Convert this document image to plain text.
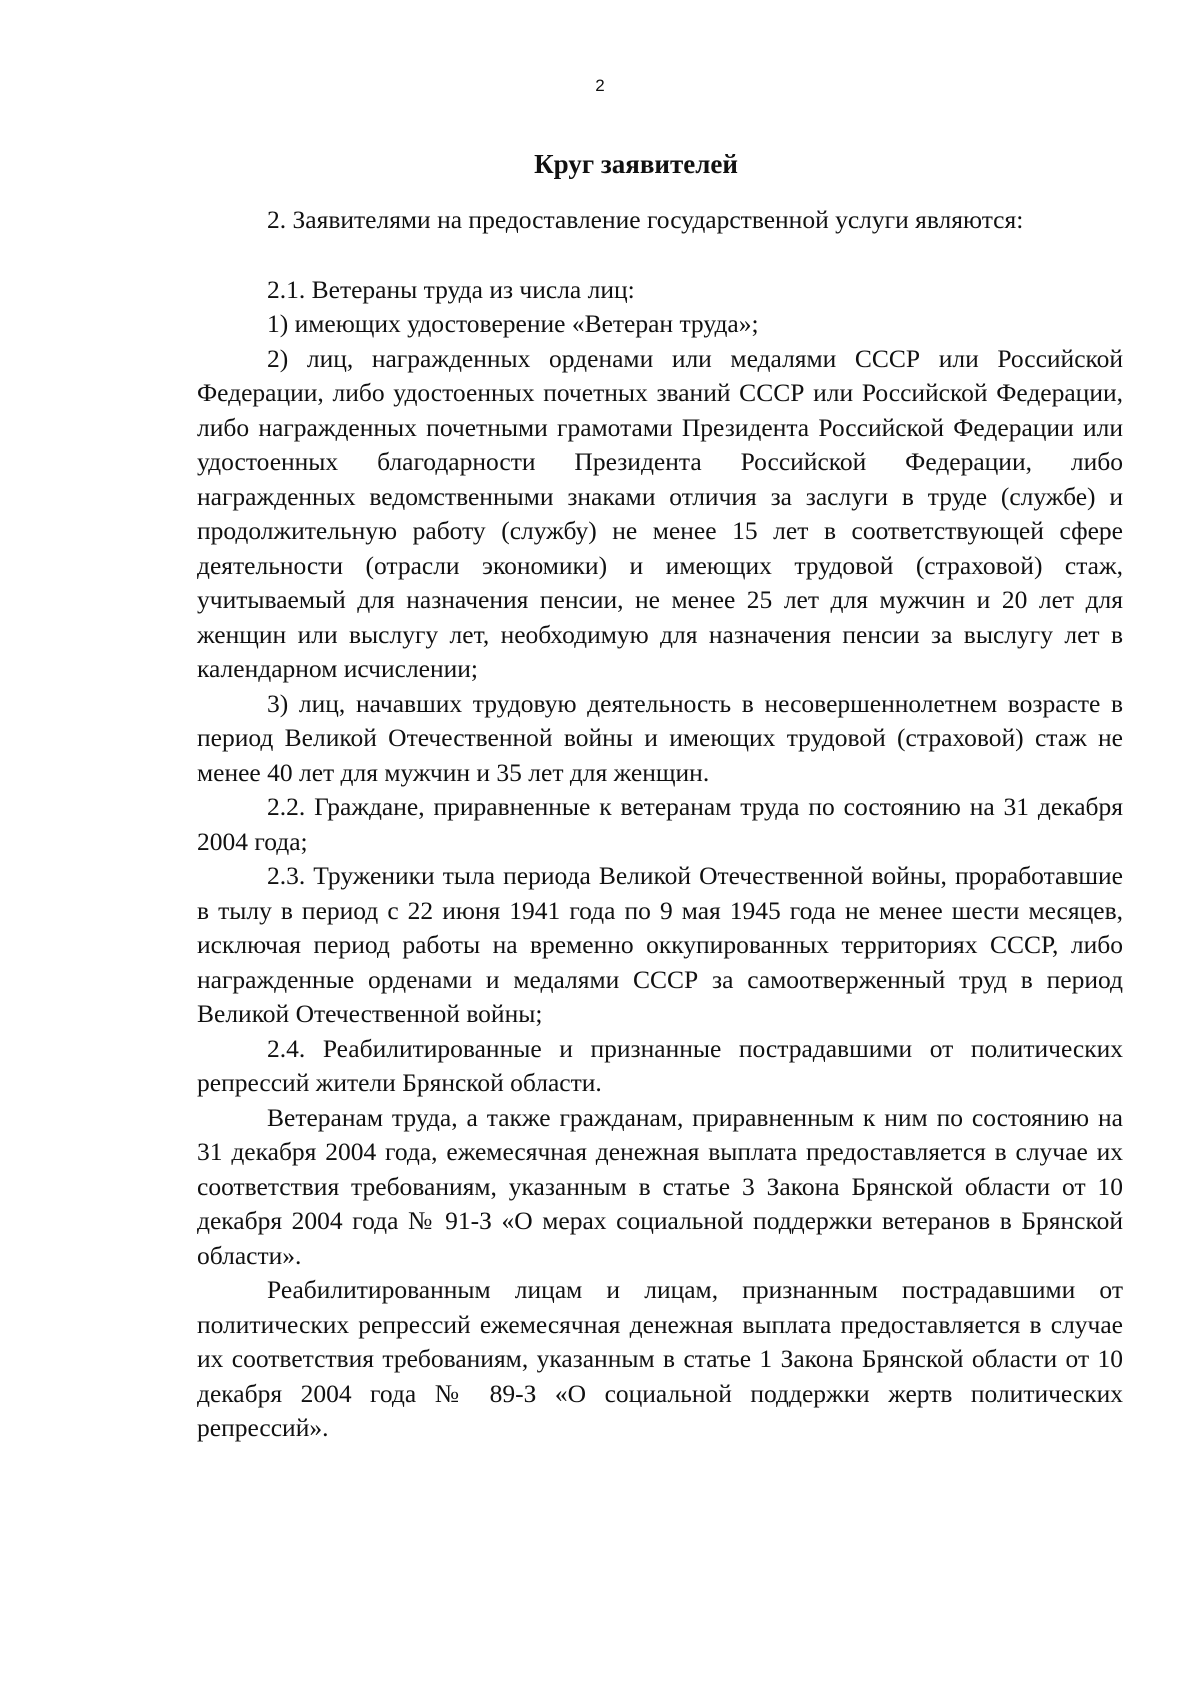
2
Круг заявителей

2. Заявителями на предоставление государственной услуги являются:

2.1. Ветераны труда из числа лиц:

1) имеющих удостоверение «Ветеран труда»;

2) лиц, награжденных орденами или медалями СССР или Российской Федерации, либо удостоенных почетных званий СССР или Российской Федерации, либо награжденных почетными грамотами Президента Российской Федерации или удостоенных благодарности Президента Российской Федерации, либо награжденных ведомственными знаками отличия за заслуги в труде (службе) и продолжительную работу (службу) не менее 15 лет в соответствующей сфере деятельности (отрасли экономики) и имеющих трудовой (страховой) стаж, учитываемый для назначения пенсии, не менее 25 лет для мужчин и 20 лет для женщин или выслугу лет, необходимую для назначения пенсии за выслугу лет в календарном исчислении;

3) лиц, начавших трудовую деятельность в несовершеннолетнем возрасте в период Великой Отечественной войны и имеющих трудовой (страховой) стаж не менее 40 лет для мужчин и 35 лет для женщин.

2.2. Граждане, приравненные к ветеранам труда по состоянию на 31 декабря 2004 года;

2.3. Труженики тыла периода Великой Отечественной войны, проработавшие в тылу в период с 22 июня 1941 года по 9 мая 1945 года не менее шести месяцев, исключая период работы на временно оккупированных территориях СССР, либо награжденные орденами и медалями СССР за самоотверженный труд в период Великой Отечественной войны;

2.4. Реабилитированные и признанные пострадавшими от политических репрессий жители Брянской области.

Ветеранам труда, а также гражданам, приравненным к ним по состоянию на 31 декабря 2004 года, ежемесячная денежная выплата предоставляется в случае их соответствия требованиям, указанным в статье 3 Закона Брянской области от 10 декабря 2004 года № 91-З «О мерах социальной поддержки ветеранов в Брянской области».

Реабилитированным лицам и лицам, признанным пострадавшими от политических репрессий ежемесячная денежная выплата предоставляется в случае их соответствия требованиям, указанным в статье 1 Закона Брянской области от 10 декабря 2004 года № 89-З «О социальной поддержки жертв политических репрессий».
